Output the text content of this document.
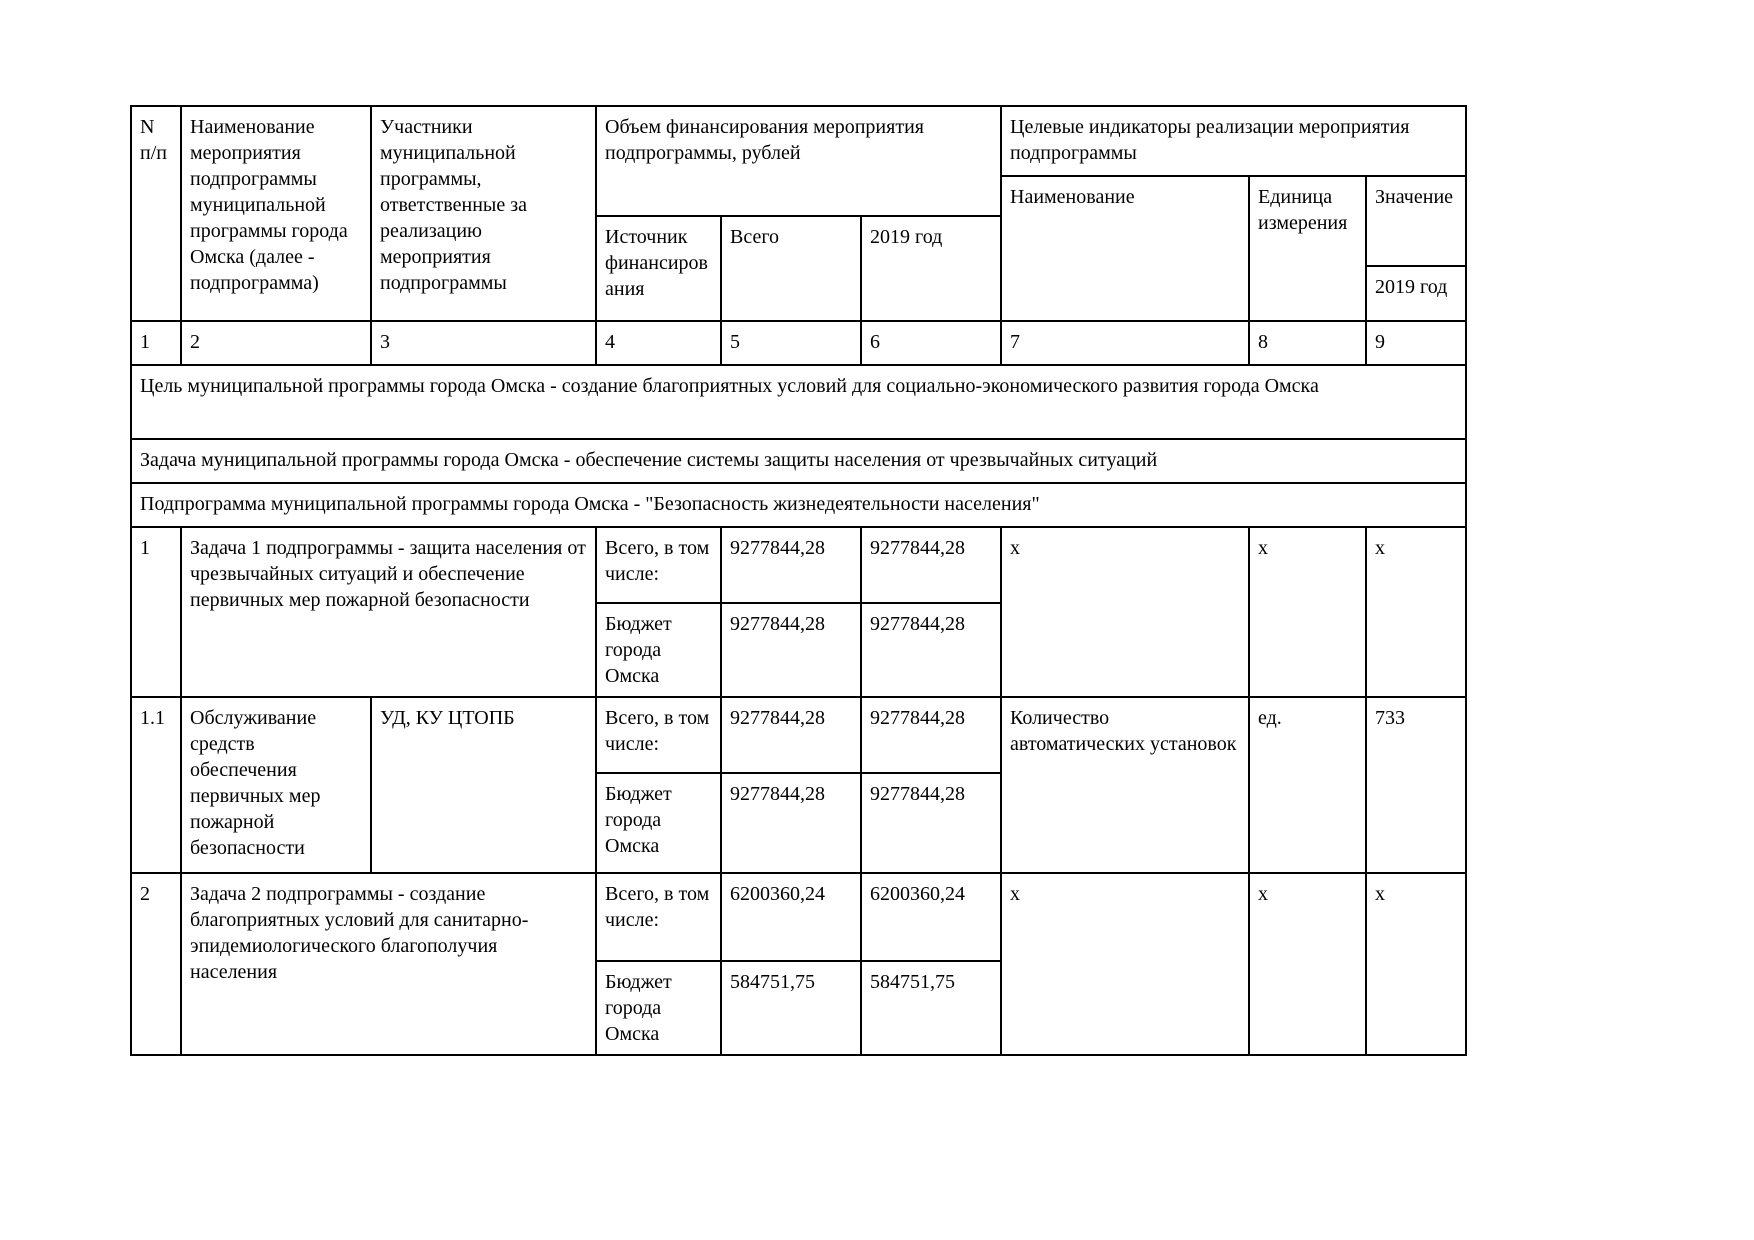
N п/п	Наименование мероприятия подпрограммы муниципальной программы города Омска (далее - подпрограмма)	Участники муниципальной программы, ответственные за реализацию мероприятия подпрограммы	Объем финансирования мероприятия подпрограммы, рублей			Целевые индикаторы реализации мероприятия подпрограммы		
						Наименование	Единица измерения	Значение
			Источник финансиров ания	Всего	2019 год			
								2019 год
1	2	3	4	5	6	7	8	9
Цель муниципальной программы города Омска - создание благоприятных условий для социально-экономического развития города Омска								
Задача муниципальной программы города Омска - обеспечение системы защиты населения от чрезвычайных ситуаций								
Подпрограмма муниципальной программы города Омска - "Безопасность жизнедеятельности населения"								
1	Задача 1 подпрограммы - защита населения от чрезвычайных ситуаций и обеспечение первичных мер пожарной безопасности		Всего, в том числе:	9277844,28	9277844,28	x	x	x
			Бюджет города Омска	9277844,28	9277844,28			
1.1	Обслуживание средств обеспечения первичных мер пожарной безопасности	УД, КУ ЦТОПБ	Всего, в том числе:	9277844,28	9277844,28	Количество автоматических установок	ед.	733
			Бюджет города Омска	9277844,28	9277844,28			
2	Задача 2 подпрограммы - создание благоприятных условий для санитарно-эпидемиологического благополучия населения		Всего, в том числе:	6200360,24	6200360,24	x	x	x
			Бюджет города Омска	584751,75	584751,75			
